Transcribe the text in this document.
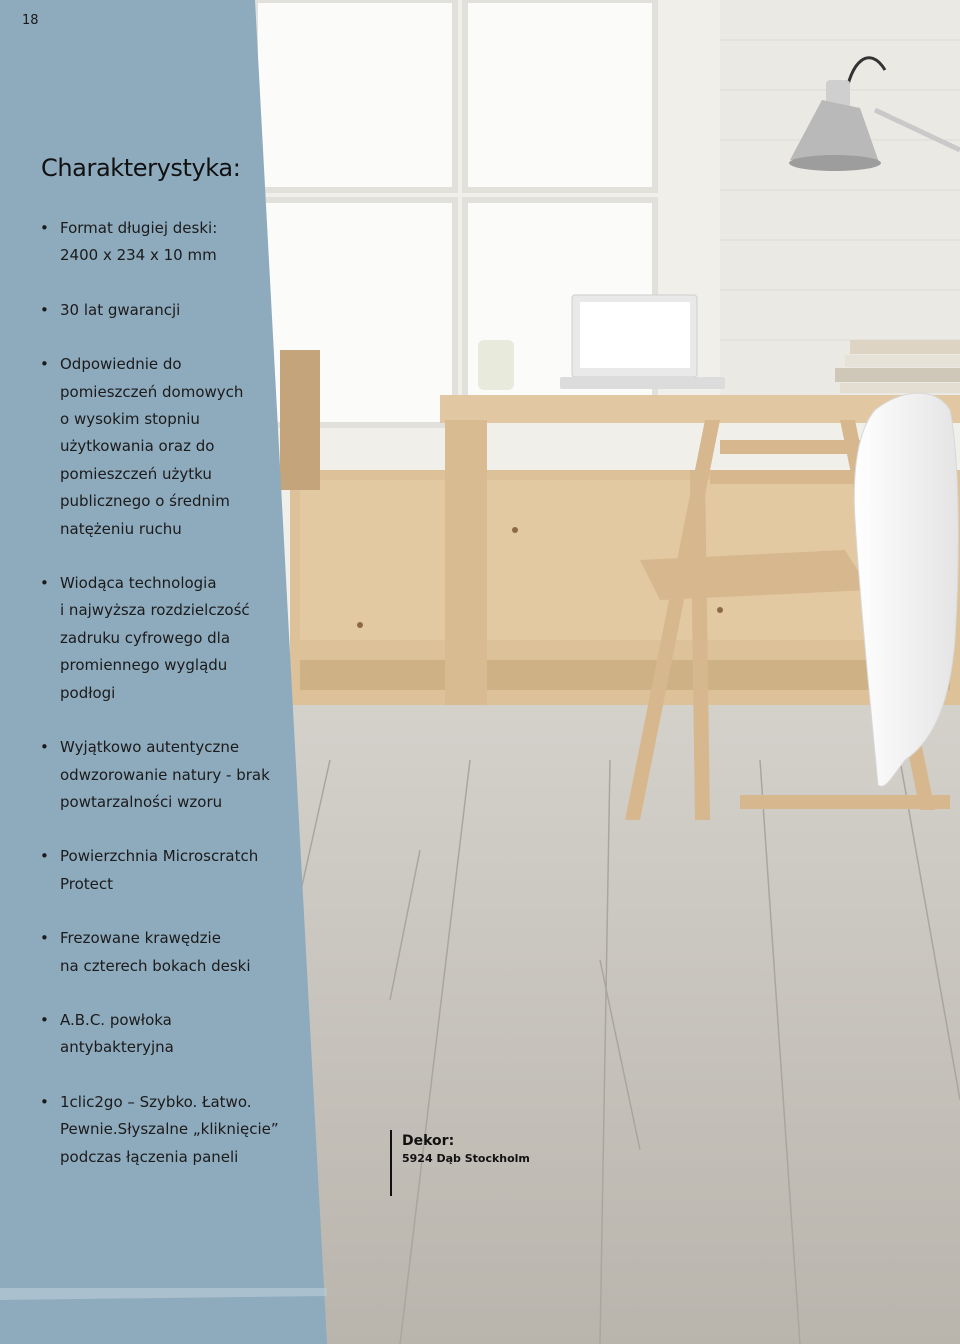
18
Charakterystyka:
• Format długiej deski:
2400 x 234 x 10 mm
• 30 lat gwarancji
• Odpowiednie do
pomieszczeń domowych
o wysokim stopniu
użytkowania oraz do
pomieszczeń użytku
publicznego o średnim
natężeniu ruchu
• Wiodąca technologia
i najwyższa rozdzielczość
zadruku cyfrowego dla
promiennego wyglądu
podłogi
• Wyjątkowo autentyczne
odwzorowanie natury - brak
powtarzalności wzoru
• Powierzchnia Microscratch
Protect
• Frezowane krawędzie
na czterech bokach deski
• A.B.C. powłoka
antybakteryjna
• 1clic2go – Szybko. Łatwo.
Pewnie.Słyszalne „kliknięcie”
podczas łączenia paneli
Dekor:
5924 Dąb Stockholm
